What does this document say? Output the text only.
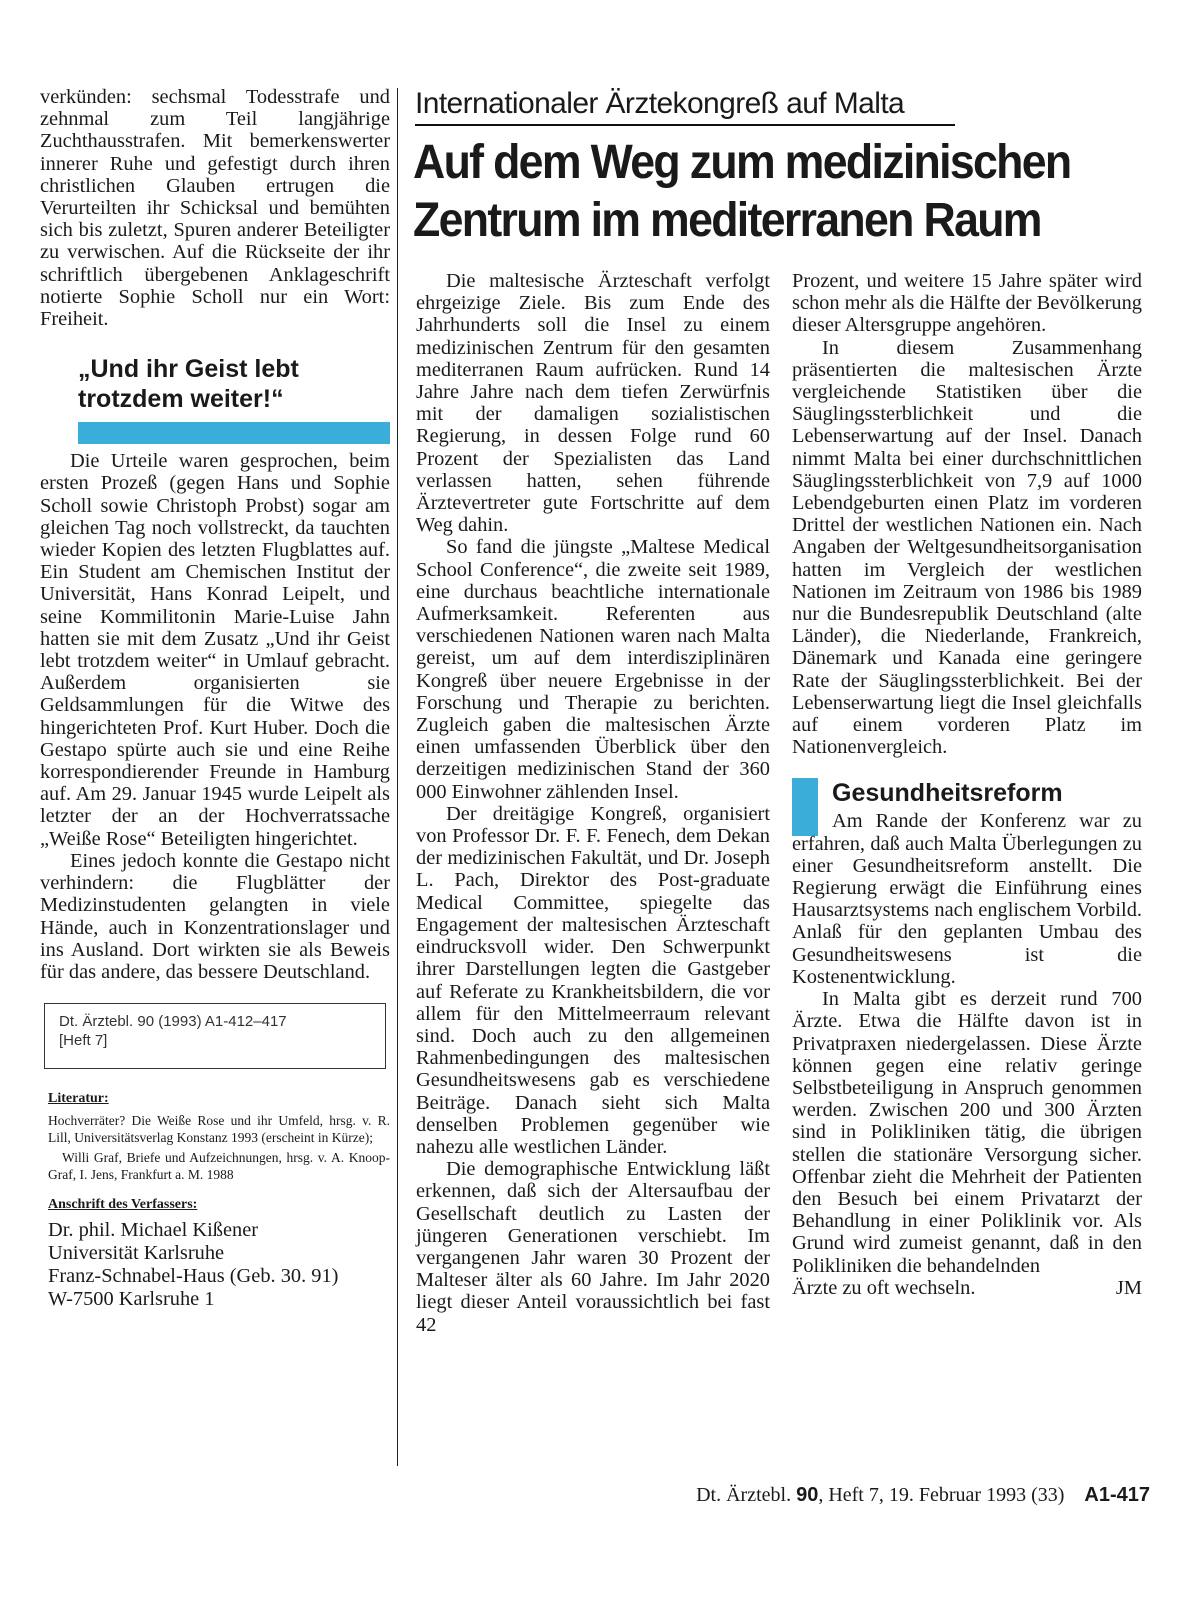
verkünden: sechsmal Todesstrafe und zehnmal zum Teil langjährige Zuchthausstrafen. Mit bemerkenswerter innerer Ruhe und gefestigt durch ihren christlichen Glauben ertrugen die Verurteilten ihr Schicksal und bemühten sich bis zuletzt, Spuren anderer Beteiligter zu verwischen. Auf die Rückseite der ihr schriftlich übergebenen Anklageschrift notierte Sophie Scholl nur ein Wort: Freiheit.

„Und ihr Geist lebt trotzdem weiter!“

Die Urteile waren gesprochen, beim ersten Prozeß (gegen Hans und Sophie Scholl sowie Christoph Probst) sogar am gleichen Tag noch vollstreckt, da tauchten wieder Kopien des letzten Flugblattes auf. Ein Student am Chemischen Institut der Universität, Hans Konrad Leipelt, und seine Kommilitonin Marie-Luise Jahn hatten sie mit dem Zusatz „Und ihr Geist lebt trotzdem weiter“ in Umlauf gebracht. Außerdem organisierten sie Geldsammlungen für die Witwe des hingerichteten Prof. Kurt Huber. Doch die Gestapo spürte auch sie und eine Reihe korrespondierender Freunde in Hamburg auf. Am 29. Januar 1945 wurde Leipelt als letzter der an der Hochverratssache „Weiße Rose“ Beteiligten hingerichtet.

Eines jedoch konnte die Gestapo nicht verhindern: die Flugblätter der Medizinstudenten gelangten in viele Hände, auch in Konzentrationslager und ins Ausland. Dort wirkten sie als Beweis für das andere, das bessere Deutschland.

Dt. Ärztebl. 90 (1993) A1-412–417
[Heft 7]
Literatur:
Hochverräter? Die Weiße Rose und ihr Umfeld, hrsg. v. R. Lill, Universitätsverlag Konstanz 1993 (erscheint in Kürze);
Willi Graf, Briefe und Aufzeichnungen, hrsg. v. A. Knoop-Graf, I. Jens, Frankfurt a. M. 1988
Anschrift des Verfassers:
Dr. phil. Michael Kißener
Universität Karlsruhe
Franz-Schnabel-Haus (Geb. 30. 91)
W-7500 Karlsruhe 1
Internationaler Ärztekongreß auf Malta
Auf dem Weg zum medizinischen
Zentrum im mediterranen Raum

Die maltesische Ärzteschaft verfolgt ehrgeizige Ziele. Bis zum Ende des Jahrhunderts soll die Insel zu einem medizinischen Zentrum für den gesamten mediterranen Raum aufrücken. Rund 14 Jahre Jahre nach dem tiefen Zerwürfnis mit der damaligen sozialistischen Regierung, in dessen Folge rund 60 Prozent der Spezialisten das Land verlassen hatten, sehen führende Ärztevertreter gute Fortschritte auf dem Weg dahin.

So fand die jüngste „Maltese Medical School Conference“, die zweite seit 1989, eine durchaus beachtliche internationale Aufmerksamkeit. Referenten aus verschiedenen Nationen waren nach Malta gereist, um auf dem interdisziplinären Kongreß über neuere Ergebnisse in der Forschung und Therapie zu berichten. Zugleich gaben die maltesischen Ärzte einen umfassenden Überblick über den derzeitigen medizinischen Stand der 360 000 Einwohner zählenden Insel.

Der dreitägige Kongreß, organisiert von Professor Dr. F. F. Fenech, dem Dekan der medizinischen Fakultät, und Dr. Joseph L. Pach, Direktor des Post-graduate Medical Committee, spiegelte das Engagement der maltesischen Ärzteschaft eindrucksvoll wider. Den Schwerpunkt ihrer Darstellungen legten die Gastgeber auf Referate zu Krankheitsbildern, die vor allem für den Mittelmeerraum relevant sind. Doch auch zu den allgemeinen Rahmenbedingungen des maltesischen Gesundheitswesens gab es verschiedene Beiträge. Danach sieht sich Malta denselben Problemen gegenüber wie nahezu alle westlichen Länder.

Die demographische Entwicklung läßt erkennen, daß sich der Altersaufbau der Gesellschaft deutlich zu Lasten der jüngeren Generationen verschiebt. Im vergangenen Jahr waren 30 Prozent der Malteser älter als 60 Jahre. Im Jahr 2020 liegt dieser Anteil voraussichtlich bei fast 42

Prozent, und weitere 15 Jahre später wird schon mehr als die Hälfte der Bevölkerung dieser Altersgruppe angehören.

In diesem Zusammenhang präsentierten die maltesischen Ärzte vergleichende Statistiken über die Säuglingssterblichkeit und die Lebenserwartung auf der Insel. Danach nimmt Malta bei einer durchschnittlichen Säuglingssterblichkeit von 7,9 auf 1000 Lebendgeburten einen Platz im vorderen Drittel der westlichen Nationen ein. Nach Angaben der Weltgesundheitsorganisation hatten im Vergleich der westlichen Nationen im Zeitraum von 1986 bis 1989 nur die Bundesrepublik Deutschland (alte Länder), die Niederlande, Frankreich, Dänemark und Kanada eine geringere Rate der Säuglingssterblichkeit. Bei der Lebenserwartung liegt die Insel gleichfalls auf einem vorderen Platz im Nationenvergleich.

Gesundheitsreform

Am Rande der Konferenz war zu erfahren, daß auch Malta Überlegungen zu einer Gesundheitsreform anstellt. Die Regierung erwägt die Einführung eines Hausarztsystems nach englischem Vorbild. Anlaß für den geplanten Umbau des Gesundheitswesens ist die Kostenentwicklung.

In Malta gibt es derzeit rund 700 Ärzte. Etwa die Hälfte davon ist in Privatpraxen niedergelassen. Diese Ärzte können gegen eine relativ geringe Selbstbeteiligung in Anspruch genommen werden. Zwischen 200 und 300 Ärzten sind in Polikliniken tätig, die übrigen stellen die stationäre Versorgung sicher. Offenbar zieht die Mehrheit der Patienten den Besuch bei einem Privatarzt der Behandlung in einer Poliklinik vor. Als Grund wird zumeist genannt, daß in den Polikliniken die behandelnden

Ärzte zu oft wechseln.	JM
Dt. Ärztebl. 90, Heft 7, 19. Februar 1993 (33) A1-417
